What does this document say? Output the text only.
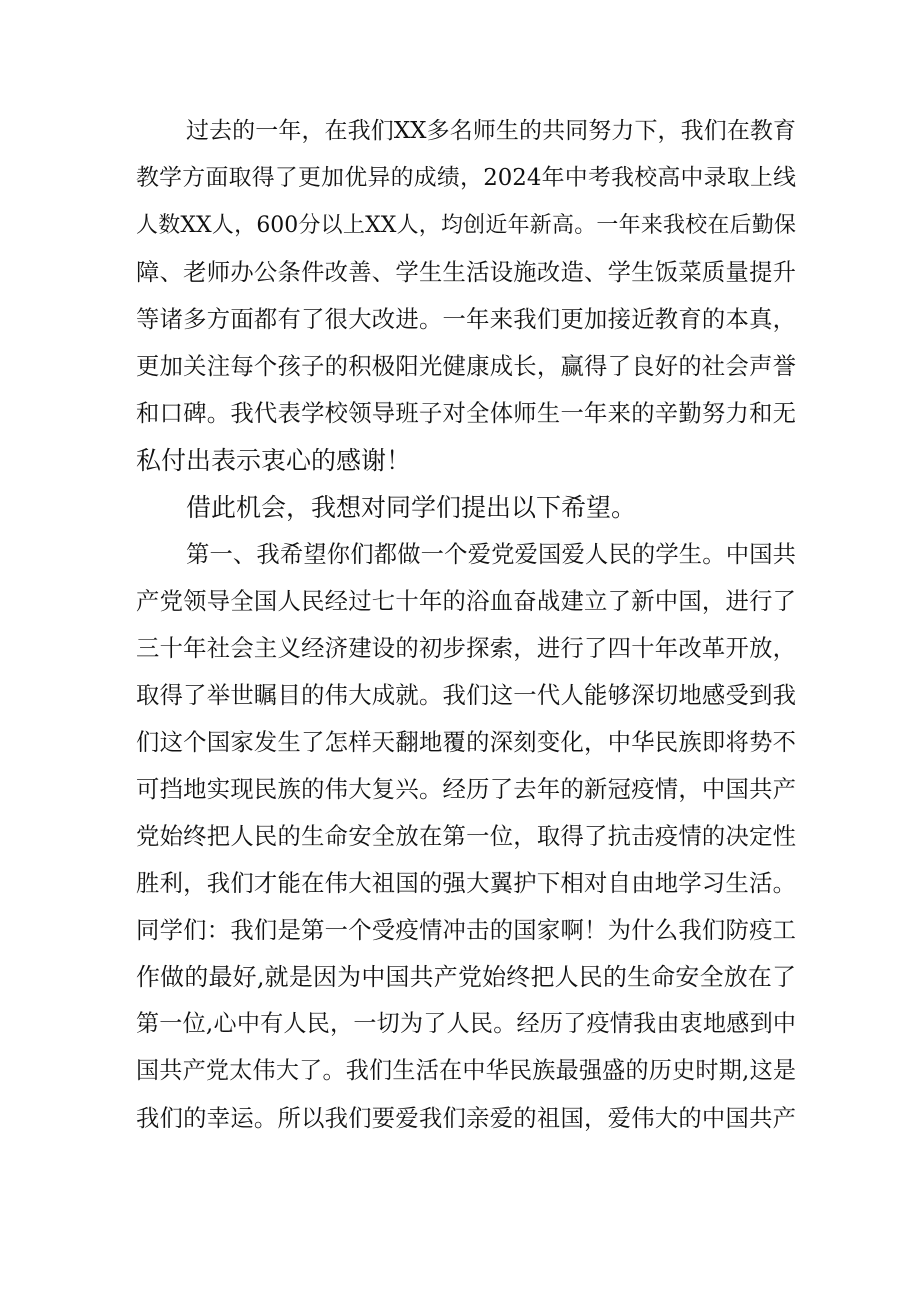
过去的一年，在我们XX多名师生的共同努力下，我们在教育
教学方面取得了更加优异的成绩，2024年中考我校高中录取上线
人数XX人，600分以上XX人，均创近年新高。一年来我校在后勤保
障、老师办公条件改善、学生生活设施改造、学生饭菜质量提升
等诸多方面都有了很大改进。一年来我们更加接近教育的本真，
更加关注每个孩子的积极阳光健康成长，赢得了良好的社会声誉
和口碑。我代表学校领导班子对全体师生一年来的辛勤努力和无
私付出表示衷心的感谢！
借此机会，我想对同学们提出以下希望。
第一、我希望你们都做一个爱党爱国爱人民的学生。中国共
产党领导全国人民经过七十年的浴血奋战建立了新中国，进行了
三十年社会主义经济建设的初步探索，进行了四十年改革开放，
取得了举世瞩目的伟大成就。我们这一代人能够深切地感受到我
们这个国家发生了怎样天翻地覆的深刻变化，中华民族即将势不
可挡地实现民族的伟大复兴。经历了去年的新冠疫情，中国共产
党始终把人民的生命安全放在第一位，取得了抗击疫情的决定性
胜利，我们才能在伟大祖国的强大翼护下相对自由地学习生活。
同学们：我们是第一个受疫情冲击的国家啊！为什么我们防疫工
作做的最好,就是因为中国共产党始终把人民的生命安全放在了
第一位,心中有人民，一切为了人民。经历了疫情我由衷地感到中
国共产党太伟大了。我们生活在中华民族最强盛的历史时期,这是
我们的幸运。所以我们要爱我们亲爱的祖国，爱伟大的中国共产
